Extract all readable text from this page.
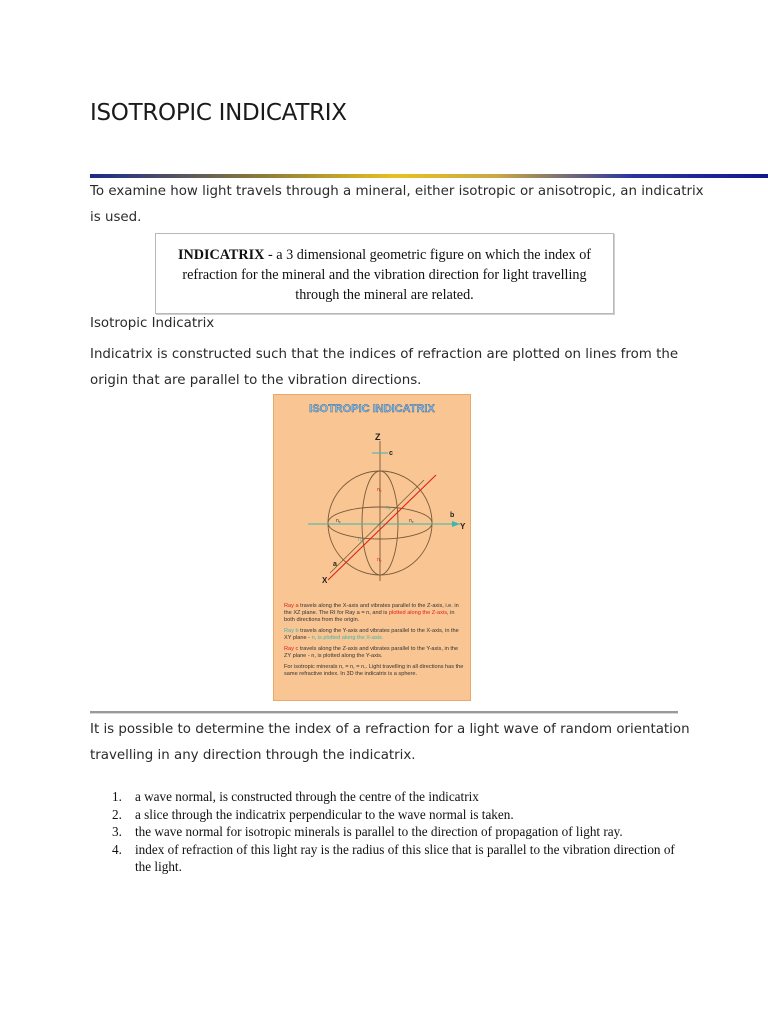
ISOTROPIC INDICATRIX

To examine how light travels through a mineral, either isotropic or anisotropic, an indicatrix is used.

INDICATRIX - a 3 dimensional geometric figure on which the index of refraction for the mineral and the vibration direction for light travelling through the mineral are related.

Isotropic Indicatrix

Indicatrix is constructed such that the indices of refraction are plotted on lines from the origin that are parallel to the vibration directions.

ISOTROPIC INDICATRIX
Z
Y
b
X
a
c
$n_c$
$n_c$
$n_c$	$n_c$
$n_c$
$n_c$

Ray a travels along the X-axis and vibrates parallel to the Z-axis, i.e. in the XZ plane. The RI for Ray a = n, and is plotted along the Z-axis, in both directions from the origin.

Ray b travels along the Y-axis and vibrates parallel to the X-axis, in the XY plane - n, is plotted along the X-axis.

Ray c travels along the Z-axis and vibrates parallel to the Y-axis, in the ZY plane - n, is plotted along the Y-axis.

For isotropic minerals n, = n, = n,. Light travelling in all directions has the same refractive index. In 3D the indicatrix is a sphere.

It is possible to determine the index of a refraction for a light wave of random orientation travelling in any direction through the indicatrix.

1. a wave normal, is constructed through the centre of the indicatrix
2. a slice through the indicatrix perpendicular to the wave normal is taken.
3. the wave normal for isotropic minerals is parallel to the direction of propagation of light ray.
4. index of refraction of this light ray is the radius of this slice that is parallel to the vibration direction of the light.
